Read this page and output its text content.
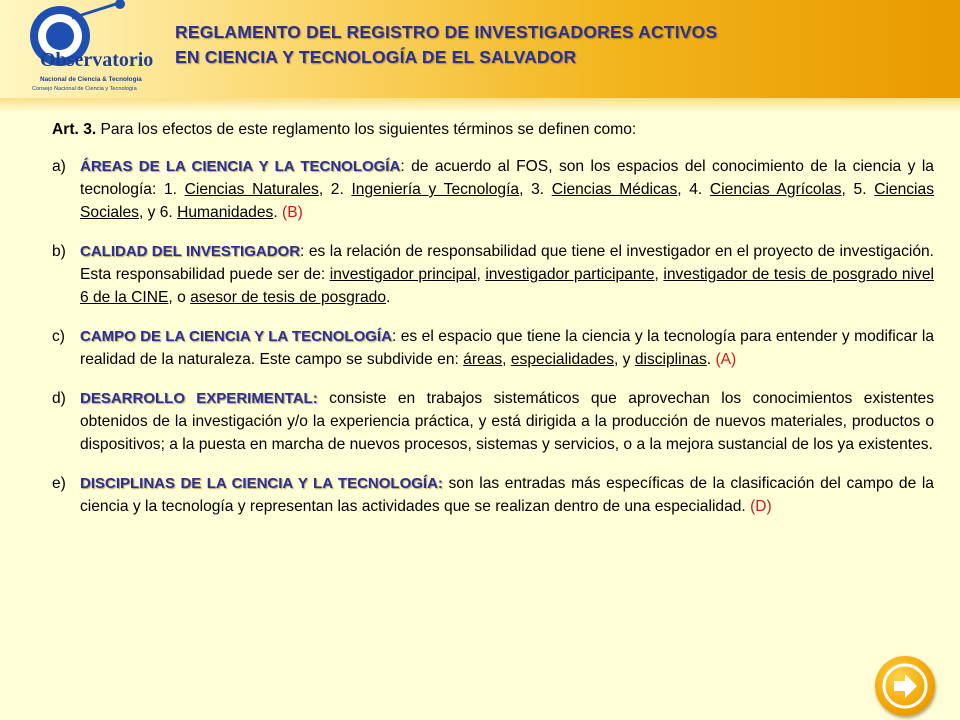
Observatorio
Nacional de Ciencia & Tecnología
Consejo Nacional de Ciencia y Tecnología
REGLAMENTO DEL REGISTRO DE INVESTIGADORES ACTIVOS
EN CIENCIA Y TECNOLOGÍA DE EL SALVADOR

Art. 3. Para los efectos de este reglamento los siguientes términos se definen como:

a) ÁREAS DE LA CIENCIA Y LA TECNOLOGÍA: de acuerdo al FOS, son los espacios del conocimiento de la ciencia y la tecnología: 1. Ciencias Naturales, 2. Ingeniería y Tecnología, 3. Ciencias Médicas, 4. Ciencias Agrícolas, 5. Ciencias Sociales, y 6. Humanidades. (B)
b) CALIDAD DEL INVESTIGADOR: es la relación de responsabilidad que tiene el investigador en el proyecto de investigación. Esta responsabilidad puede ser de: investigador principal, investigador participante, investigador de tesis de posgrado nivel 6 de la CINE, o asesor de tesis de posgrado.
c) CAMPO DE LA CIENCIA Y LA TECNOLOGÍA: es el espacio que tiene la ciencia y la tecnología para entender y modificar la realidad de la naturaleza. Este campo se subdivide en: áreas, especialidades, y disciplinas. (A)
d) DESARROLLO EXPERIMENTAL: consiste en trabajos sistemáticos que aprovechan los conocimientos existentes obtenidos de la investigación y/o la experiencia práctica, y está dirigida a la producción de nuevos materiales, productos o dispositivos; a la puesta en marcha de nuevos procesos, sistemas y servicios, o a la mejora sustancial de los ya existentes.
e) DISCIPLINAS DE LA CIENCIA Y LA TECNOLOGÍA: son las entradas más específicas de la clasificación del campo de la ciencia y la tecnología y representan las actividades que se realizan dentro de una especialidad. (D)
